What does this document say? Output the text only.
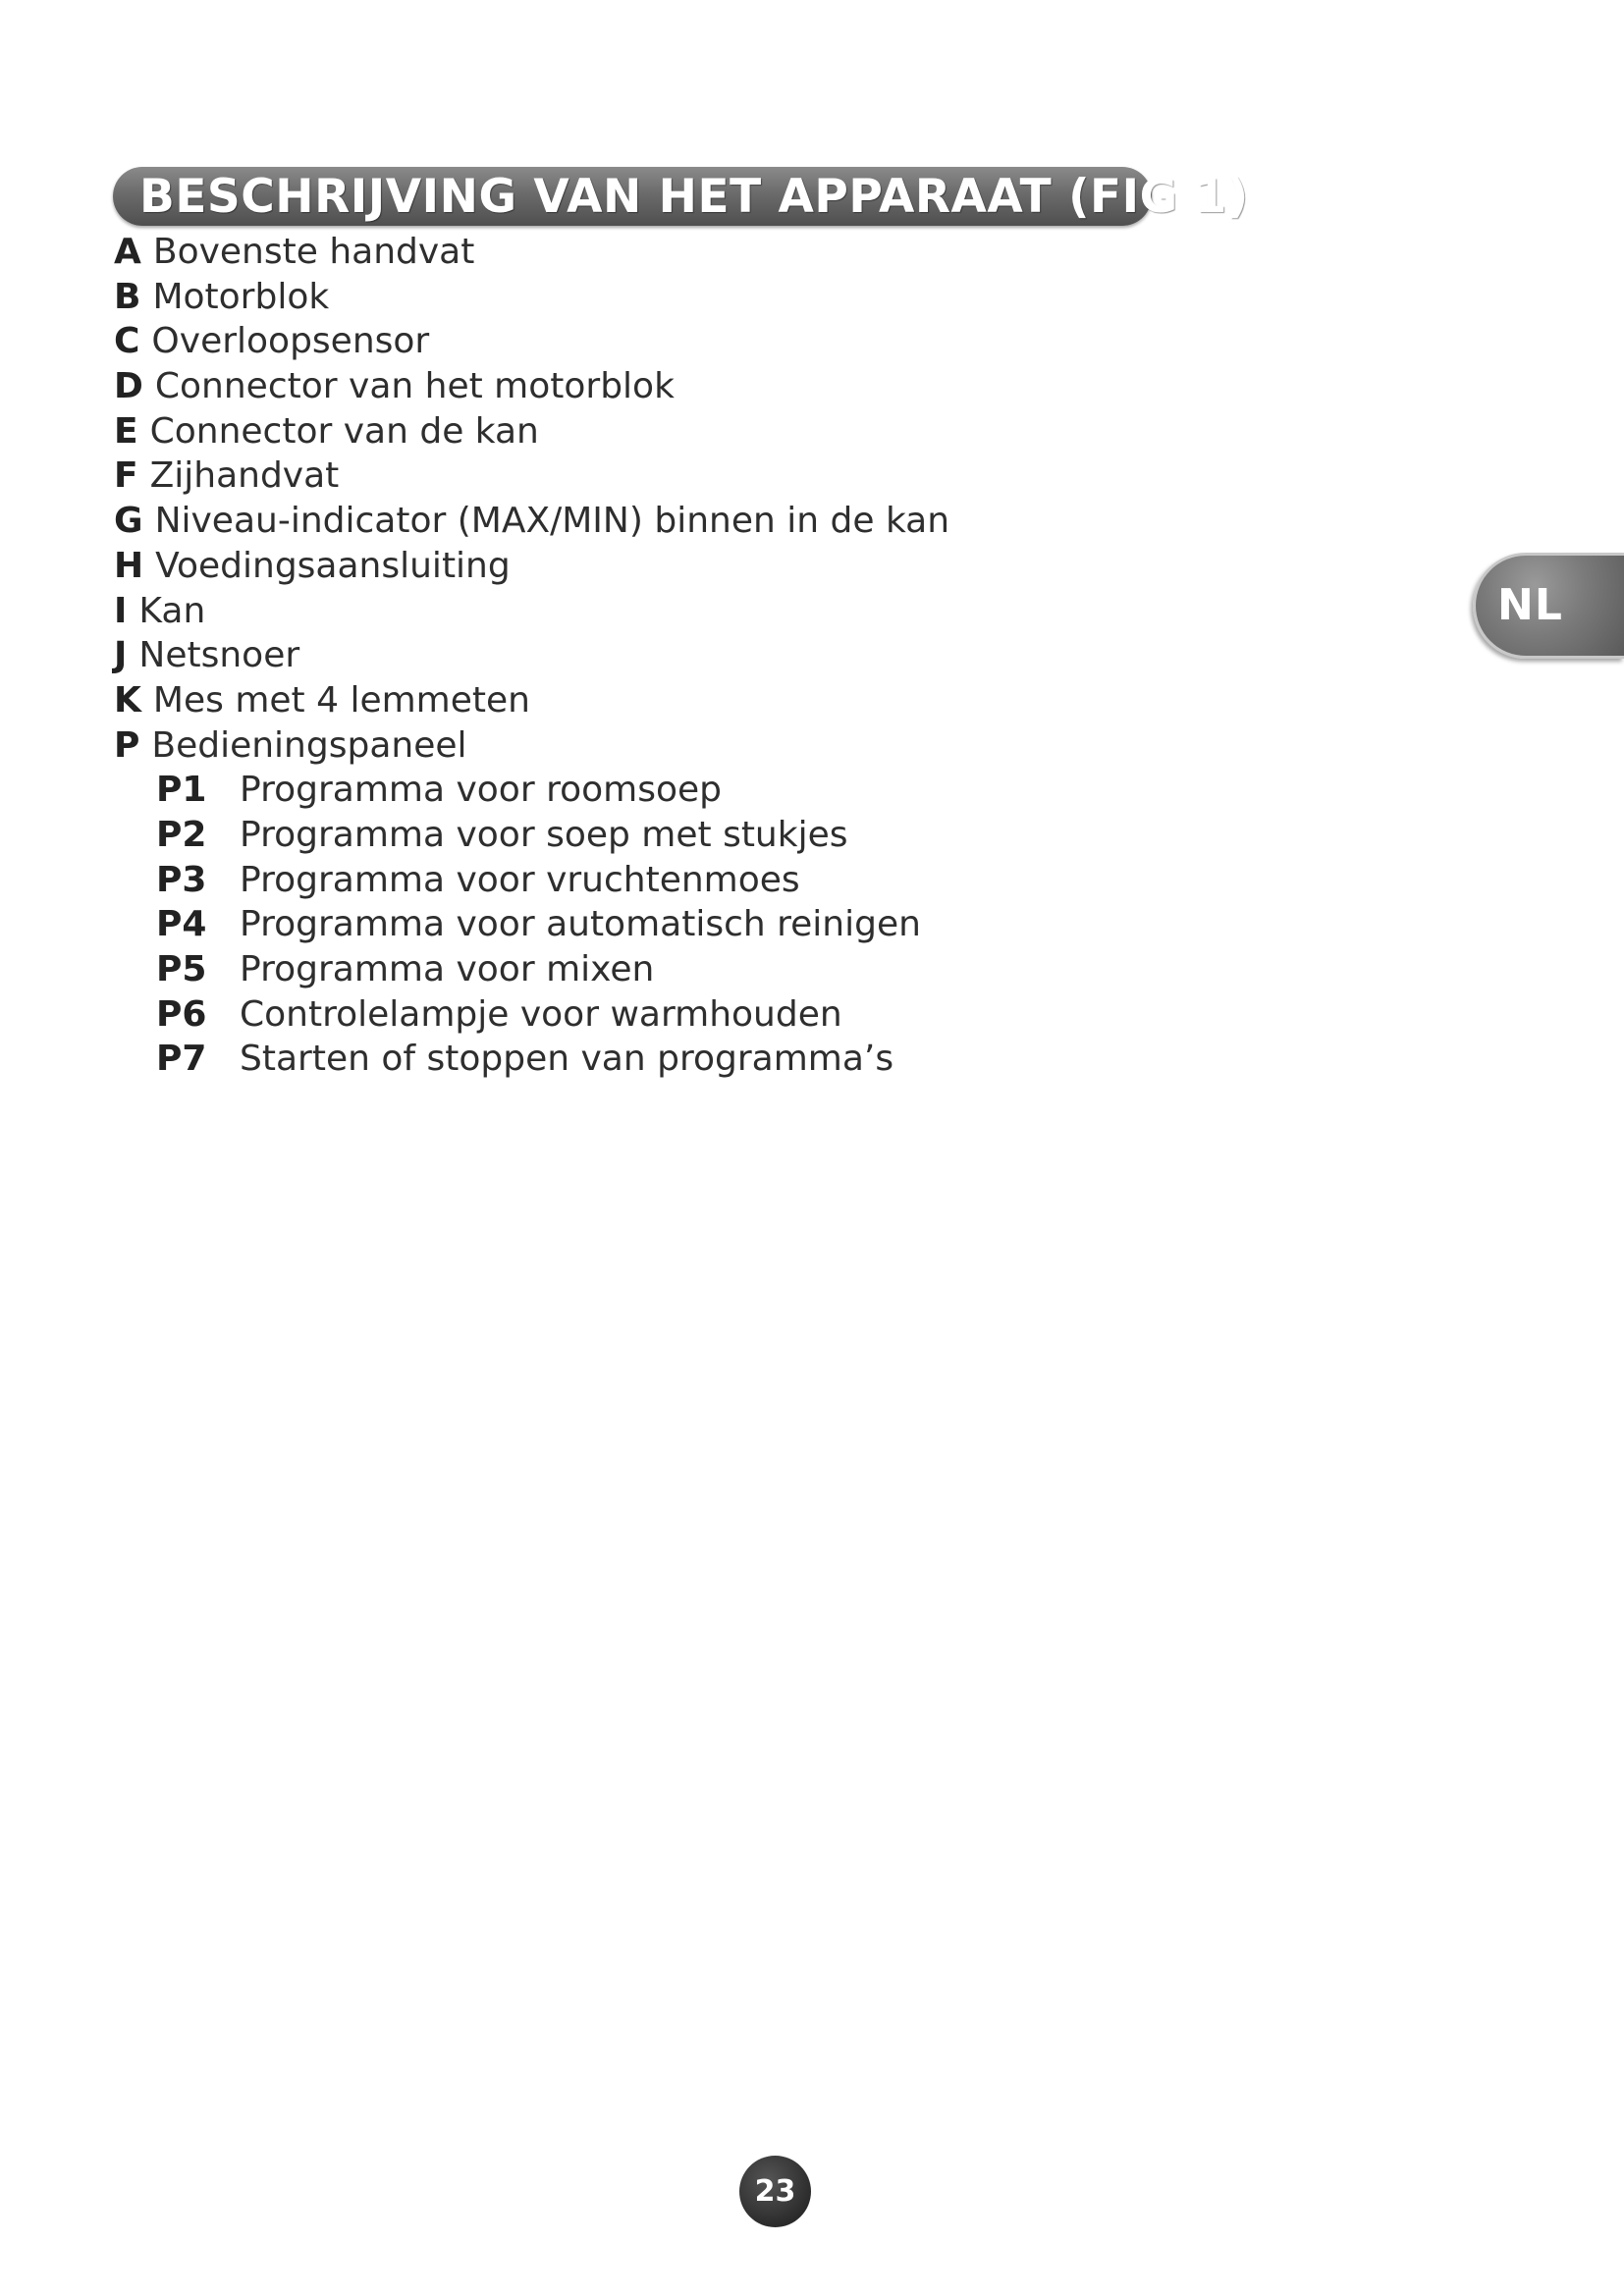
BESCHRIJVING VAN HET APPARAAT (FIG 1)
A Bovenste handvat
B Motorblok
C Overloopsensor
D Connector van het motorblok
E Connector van de kan
F Zijhandvat
G Niveau-indicator (MAX/MIN) binnen in de kan
H Voedingsaansluiting
I Kan
J Netsnoer
K Mes met 4 lemmeten
P Bedieningspaneel
P1 Programma voor roomsoep
P2 Programma voor soep met stukjes
P3 Programma voor vruchtenmoes
P4 Programma voor automatisch reinigen
P5 Programma voor mixen
P6 Controlelampje voor warmhouden
P7 Starten of stoppen van programma’s
NL
23
